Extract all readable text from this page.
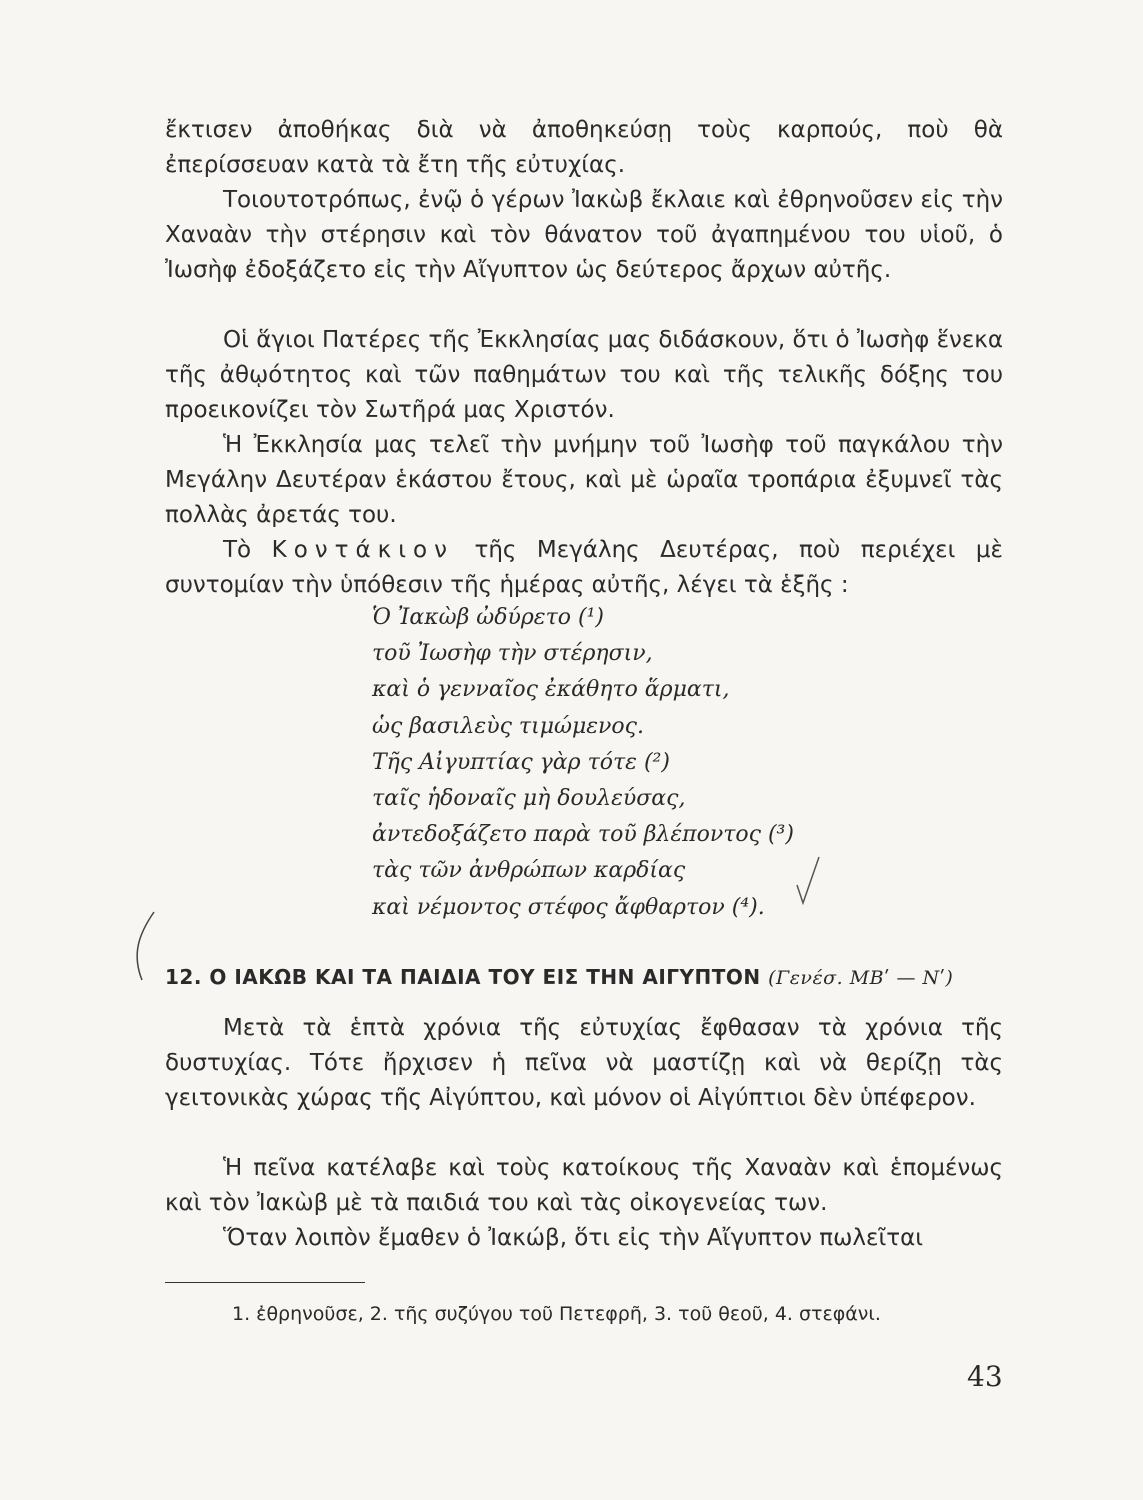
ἔκτισεν ἀποθήκας διὰ νὰ ἀποθηκεύσῃ τοὺς καρπούς, ποὺ θὰ ἐπερίσσευαν κατὰ τὰ ἔτη τῆς εὐτυχίας.

Τοιουτοτρόπως, ἐνῷ ὁ γέρων Ἰακὼβ ἔκλαιε καὶ ἐθρηνοῦσεν εἰς τὴν Χαναὰν τὴν στέρησιν καὶ τὸν θάνατον τοῦ ἀγαπημένου του υἱοῦ, ὁ Ἰωσὴφ ἐδοξάζετο εἰς τὴν Αἴγυπτον ὡς δεύτερος ἄρχων αὐτῆς.

Οἱ ἅγιοι Πατέρες τῆς Ἐκκλησίας μας διδάσκουν, ὅτι ὁ Ἰωσὴφ ἕνεκα τῆς ἀθῳότητος καὶ τῶν παθημάτων του καὶ τῆς τελικῆς δόξης του προεικονίζει τὸν Σωτῆρά μας Χριστόν.

Ἡ Ἐκκλησία μας τελεῖ τὴν μνήμην τοῦ Ἰωσὴφ τοῦ παγκάλου τὴν Μεγάλην Δευτέραν ἑκάστου ἔτους, καὶ μὲ ὡραῖα τροπάρια ἐξυμνεῖ τὰς πολλὰς ἀρετάς του.

Τὸ Κοντάκιον τῆς Μεγάλης Δευτέρας, ποὺ περιέχει μὲ συντομίαν τὴν ὑπόθεσιν τῆς ἡμέρας αὐτῆς, λέγει τὰ ἑξῆς :

Ὁ Ἰακὼβ ὠδύρετο (¹)
τοῦ Ἰωσὴφ τὴν στέρησιν,
καὶ ὁ γενναῖος ἐκάθητο ἅρματι,
ὡς βασιλεὺς τιμώμενος.
Τῆς Αἰγυπτίας γὰρ τότε (²)
ταῖς ἡδοναῖς μὴ δουλεύσας,
ἀντεδοξάζετο παρὰ τοῦ βλέποντος (³)
τὰς τῶν ἀνθρώπων καρδίας
καὶ νέμοντος στέφος ἄφθαρτον (⁴).
12. Ο ΙΑΚΩΒ ΚΑΙ ΤΑ ΠΑΙΔΙΑ ΤΟΥ ΕΙΣ ΤΗΝ ΑΙΓΥΠΤΟΝ (Γενέσ. ΜΒʹ — Νʹ)

Μετὰ τὰ ἑπτὰ χρόνια τῆς εὐτυχίας ἔφθασαν τὰ χρόνια τῆς δυστυχίας. Τότε ἤρχισεν ἡ πεῖνα νὰ μαστίζῃ καὶ νὰ θερίζῃ τὰς γειτονικὰς χώρας τῆς Αἰγύπτου, καὶ μόνον οἱ Αἰγύπτιοι δὲν ὑπέφερον.

Ἡ πεῖνα κατέλαβε καὶ τοὺς κατοίκους τῆς Χαναὰν καὶ ἑπομένως καὶ τὸν Ἰακὼβ μὲ τὰ παιδιά του καὶ τὰς οἰκογενείας των.

Ὅταν λοιπὸν ἔμαθεν ὁ Ἰακώβ, ὅτι εἰς τὴν Αἴγυπτον πωλεῖται

1. ἐθρηνοῦσε, 2. τῆς συζύγου τοῦ Πετεφρῆ, 3. τοῦ θεοῦ, 4. στεφάνι.
43
